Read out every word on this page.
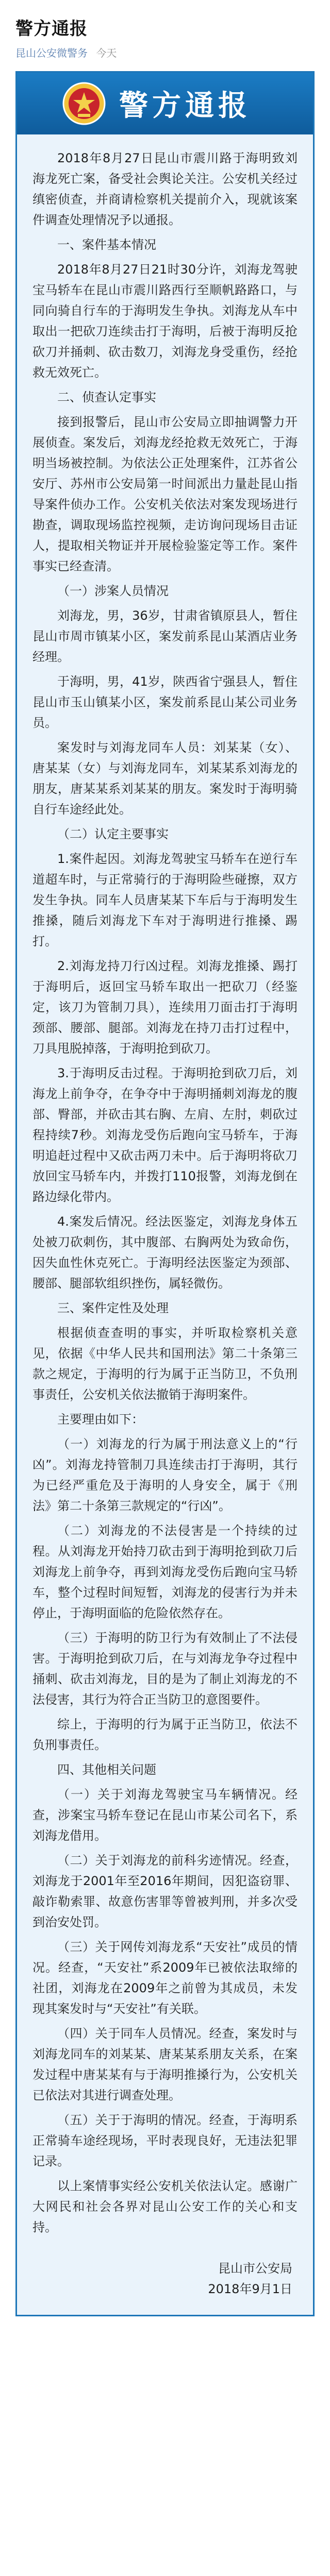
警方通报
昆山公安微警务 今天
警方通报

2018年8月27日昆山市震川路于海明致刘海龙死亡案，备受社会舆论关注。公安机关经过缜密侦查，并商请检察机关提前介入，现就该案件调查处理情况予以通报。

一、案件基本情况

2018年8月27日21时30分许，刘海龙驾驶宝马轿车在昆山市震川路西行至顺帆路路口，与同向骑自行车的于海明发生争执。刘海龙从车中取出一把砍刀连续击打于海明，后被于海明反抢砍刀并捅刺、砍击数刀，刘海龙身受重伤，经抢救无效死亡。

二、侦查认定事实

接到报警后，昆山市公安局立即抽调警力开展侦查。案发后，刘海龙经抢救无效死亡，于海明当场被控制。为依法公正处理案件，江苏省公安厅、苏州市公安局第一时间派出力量赴昆山指导案件侦办工作。公安机关依法对案发现场进行勘查，调取现场监控视频，走访询问现场目击证人，提取相关物证并开展检验鉴定等工作。案件事实已经查清。

（一）涉案人员情况

刘海龙，男，36岁，甘肃省镇原县人，暂住昆山市周市镇某小区，案发前系昆山某酒店业务经理。

于海明，男，41岁，陕西省宁强县人，暂住昆山市玉山镇某小区，案发前系昆山某公司业务员。

案发时与刘海龙同车人员：刘某某（女）、唐某某（女）与刘海龙同车，刘某某系刘海龙的朋友，唐某某系刘某某的朋友。案发时于海明骑自行车途经此处。

（二）认定主要事实

1.案件起因。刘海龙驾驶宝马轿车在逆行车道超车时，与正常骑行的于海明险些碰擦，双方发生争执。同车人员唐某某下车后与于海明发生推搡，随后刘海龙下车对于海明进行推搡、踢打。

2.刘海龙持刀行凶过程。刘海龙推搡、踢打于海明后，返回宝马轿车取出一把砍刀（经鉴定，该刀为管制刀具），连续用刀面击打于海明颈部、腰部、腿部。刘海龙在持刀击打过程中，刀具甩脱掉落，于海明抢到砍刀。

3.于海明反击过程。于海明抢到砍刀后，刘海龙上前争夺，在争夺中于海明捅刺刘海龙的腹部、臀部，并砍击其右胸、左肩、左肘，刺砍过程持续7秒。刘海龙受伤后跑向宝马轿车，于海明追赶过程中又砍击两刀未中。后于海明将砍刀放回宝马轿车内，并拨打110报警，刘海龙倒在路边绿化带内。

4.案发后情况。经法医鉴定，刘海龙身体五处被刀砍刺伤，其中腹部、右胸两处为致命伤，因失血性休克死亡。于海明经法医鉴定为颈部、腰部、腿部软组织挫伤，属轻微伤。

三、案件定性及处理

根据侦查查明的事实，并听取检察机关意见，依据《中华人民共和国刑法》第二十条第三款之规定，于海明的行为属于正当防卫，不负刑事责任，公安机关依法撤销于海明案件。

主要理由如下：

（一）刘海龙的行为属于刑法意义上的“行凶”。刘海龙持管制刀具连续击打于海明，其行为已经严重危及于海明的人身安全，属于《刑法》第二十条第三款规定的“行凶”。

（二）刘海龙的不法侵害是一个持续的过程。从刘海龙开始持刀砍击到于海明抢到砍刀后刘海龙上前争夺，再到刘海龙受伤后跑向宝马轿车，整个过程时间短暂，刘海龙的侵害行为并未停止，于海明面临的危险依然存在。

（三）于海明的防卫行为有效制止了不法侵害。于海明抢到砍刀后，在与刘海龙争夺过程中捅刺、砍击刘海龙，目的是为了制止刘海龙的不法侵害，其行为符合正当防卫的意图要件。

综上，于海明的行为属于正当防卫，依法不负刑事责任。

四、其他相关问题

（一）关于刘海龙驾驶宝马车辆情况。经查，涉案宝马轿车登记在昆山市某公司名下，系刘海龙借用。

（二）关于刘海龙的前科劣迹情况。经查，刘海龙于2001年至2016年期间，因犯盗窃罪、敲诈勒索罪、故意伤害罪等曾被判刑，并多次受到治安处罚。

（三）关于网传刘海龙系“天安社”成员的情况。经查，“天安社”系2009年已被依法取缔的社团，刘海龙在2009年之前曾为其成员，未发现其案发时与“天安社”有关联。

（四）关于同车人员情况。经查，案发时与刘海龙同车的刘某某、唐某某系朋友关系，在案发过程中唐某某有与于海明推搡行为，公安机关已依法对其进行调查处理。

（五）关于于海明的情况。经查，于海明系正常骑车途经现场，平时表现良好，无违法犯罪记录。

以上案情事实经公安机关依法认定。感谢广大网民和社会各界对昆山公安工作的关心和支持。

昆山市公安局
2018年9月1日
